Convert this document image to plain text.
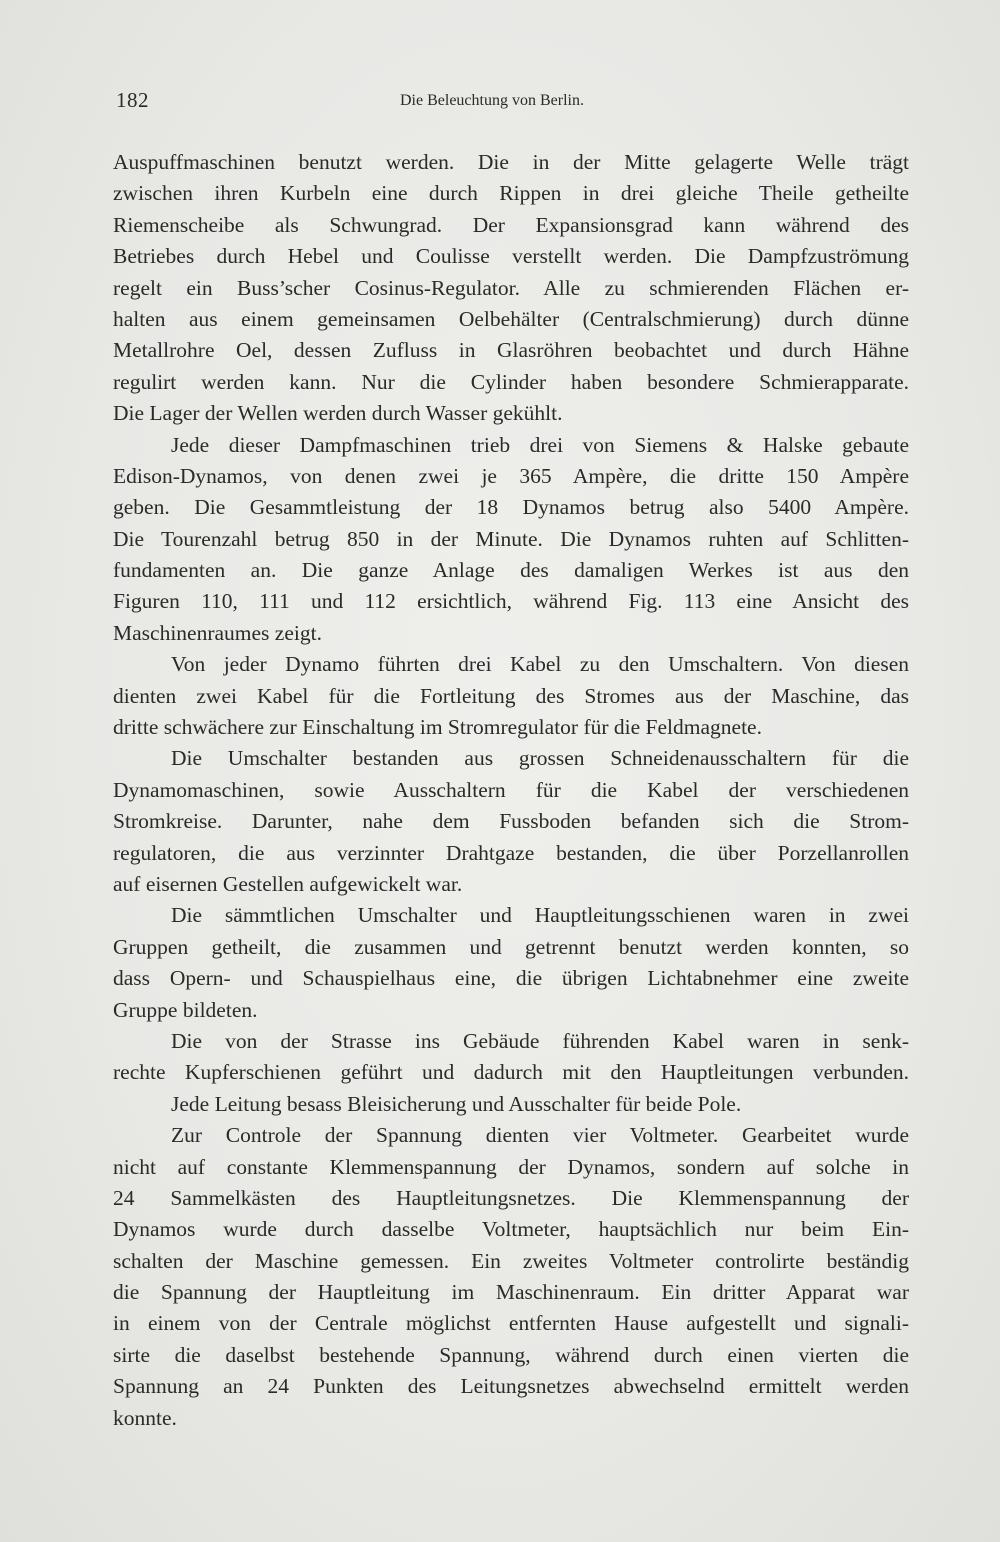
182	Die Beleuchtung von Berlin.
Auspuffmaschinen benutzt werden. Die in der Mitte gelagerte Welle trägt
zwischen ihren Kurbeln eine durch Rippen in drei gleiche Theile getheilte
Riemenscheibe als Schwungrad. Der Expansionsgrad kann während des
Betriebes durch Hebel und Coulisse verstellt werden. Die Dampfzuströmung
regelt ein Buss’scher Cosinus-Regulator. Alle zu schmierenden Flächen er-
halten aus einem gemeinsamen Oelbehälter (Centralschmierung) durch dünne
Metallrohre Oel, dessen Zufluss in Glasröhren beobachtet und durch Hähne
regulirt werden kann. Nur die Cylinder haben besondere Schmierapparate.
Die Lager der Wellen werden durch Wasser gekühlt.
Jede dieser Dampfmaschinen trieb drei von Siemens & Halske gebaute
Edison-Dynamos, von denen zwei je 365 Ampère, die dritte 150 Ampère
geben. Die Gesammtleistung der 18 Dynamos betrug also 5400 Ampère.
Die Tourenzahl betrug 850 in der Minute. Die Dynamos ruhten auf Schlitten-
fundamenten an. Die ganze Anlage des damaligen Werkes ist aus den
Figuren 110, 111 und 112 ersichtlich, während Fig. 113 eine Ansicht des
Maschinenraumes zeigt.
Von jeder Dynamo führten drei Kabel zu den Umschaltern. Von diesen
dienten zwei Kabel für die Fortleitung des Stromes aus der Maschine, das
dritte schwächere zur Einschaltung im Stromregulator für die Feldmagnete.
Die Umschalter bestanden aus grossen Schneidenausschaltern für die
Dynamomaschinen, sowie Ausschaltern für die Kabel der verschiedenen
Stromkreise. Darunter, nahe dem Fussboden befanden sich die Strom-
regulatoren, die aus verzinnter Drahtgaze bestanden, die über Porzellanrollen
auf eisernen Gestellen aufgewickelt war.
Die sämmtlichen Umschalter und Hauptleitungsschienen waren in zwei
Gruppen getheilt, die zusammen und getrennt benutzt werden konnten, so
dass Opern- und Schauspielhaus eine, die übrigen Lichtabnehmer eine zweite
Gruppe bildeten.
Die von der Strasse ins Gebäude führenden Kabel waren in senk-
rechte Kupferschienen geführt und dadurch mit den Hauptleitungen verbunden.
Jede Leitung besass Bleisicherung und Ausschalter für beide Pole.
Zur Controle der Spannung dienten vier Voltmeter. Gearbeitet wurde
nicht auf constante Klemmenspannung der Dynamos, sondern auf solche in
24 Sammelkästen des Hauptleitungsnetzes. Die Klemmenspannung der
Dynamos wurde durch dasselbe Voltmeter, hauptsächlich nur beim Ein-
schalten der Maschine gemessen. Ein zweites Voltmeter controlirte beständig
die Spannung der Hauptleitung im Maschinenraum. Ein dritter Apparat war
in einem von der Centrale möglichst entfernten Hause aufgestellt und signali-
sirte die daselbst bestehende Spannung, während durch einen vierten die
Spannung an 24 Punkten des Leitungsnetzes abwechselnd ermittelt werden
konnte.
